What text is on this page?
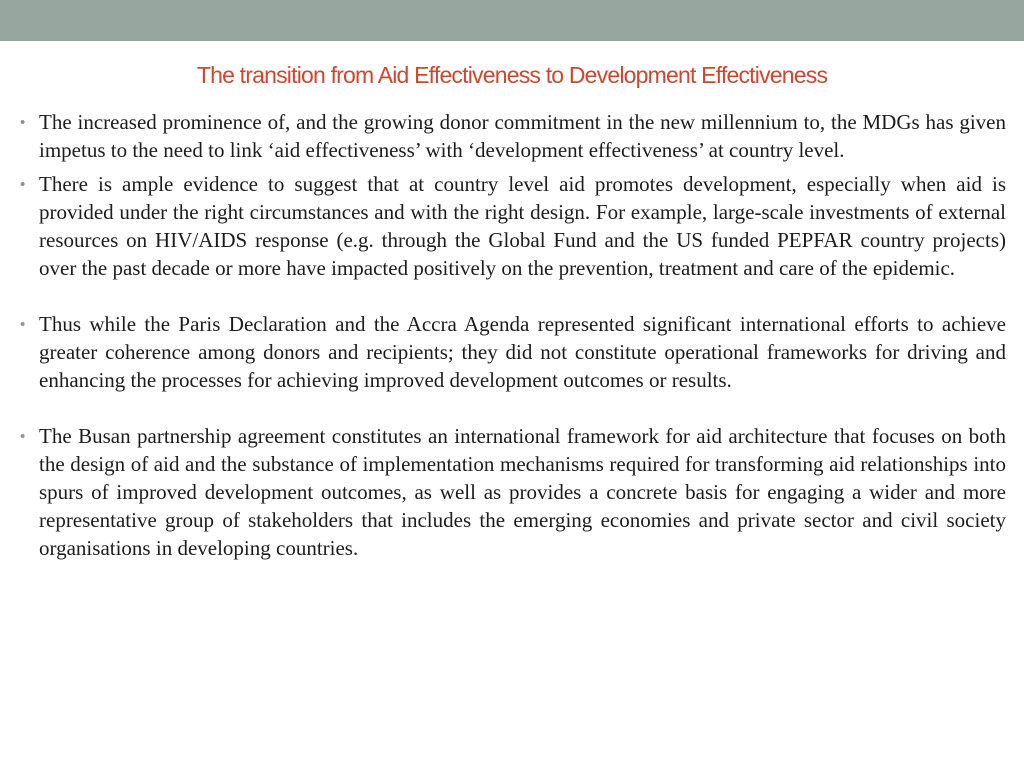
The transition from Aid Effectiveness to Development Effectiveness
• The increased prominence of, and the growing donor commitment in the new millennium to, the MDGs has given impetus to the need to link ‘aid effectiveness’ with ‘development effectiveness’ at country level.
• There is ample evidence to suggest that at country level aid promotes development, especially when aid is provided under the right circumstances and with the right design. For example, large-scale investments of external resources on HIV/AIDS response (e.g. through the Global Fund and the US funded PEPFAR country projects) over the past decade or more have impacted positively on the prevention, treatment and care of the epidemic.
• Thus while the Paris Declaration and the Accra Agenda represented significant international efforts to achieve greater coherence among donors and recipients; they did not constitute operational frameworks for driving and enhancing the processes for achieving improved development outcomes or results.
• The Busan partnership agreement constitutes an international framework for aid architecture that focuses on both the design of aid and the substance of implementation mechanisms required for transforming aid relationships into spurs of improved development outcomes, as well as provides a concrete basis for engaging a wider and more representative group of stakeholders that includes the emerging economies and private sector and civil society organisations in developing countries.
